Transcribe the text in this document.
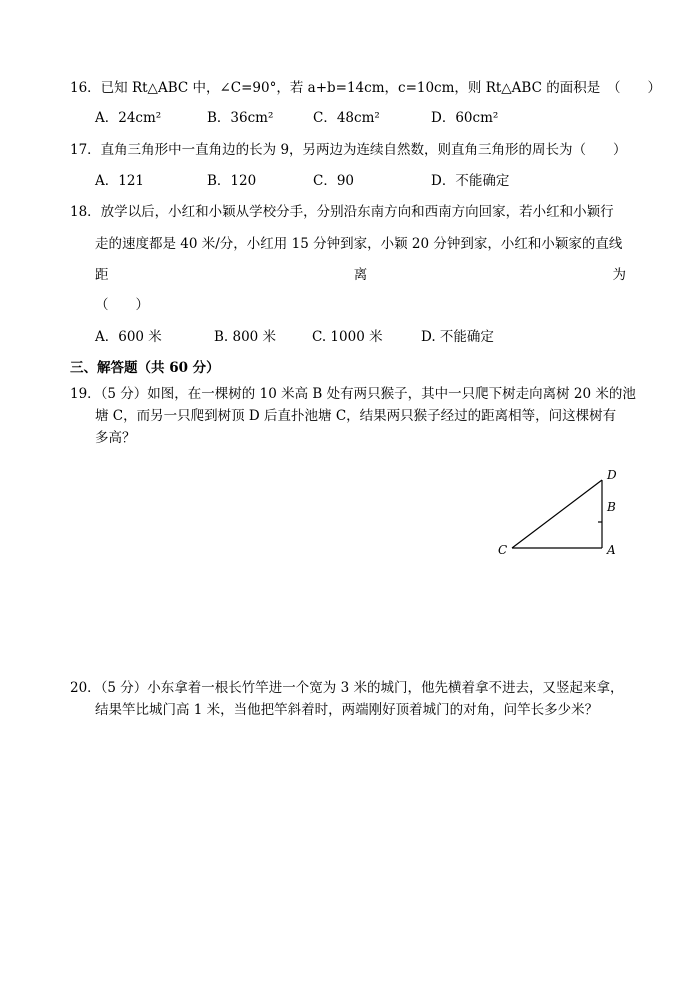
16．已知 Rt△ABC 中，∠C=90°，若 a+b=14cm，c=10cm，则 Rt△ABC 的面积是　（　　）
A．24cm²	B．36cm²	C．48cm²	D．60cm²
17．直角三角形中一直角边的长为 9，另两边为连续自然数，则直角三角形的周长为（　　）
A．121	B．120	C．90	D．不能确定
18．放学以后，小红和小颖从学校分手，分别沿东南方向和西南方向回家，若小红和小颖行
走的速度都是 40 米/分，小红用 15 分钟到家，小颖 20 分钟到家，小红和小颖家的直线
距	离	为
（　　）
A．600 米	B. 800 米	C. 1000 米	D. 不能确定
三、解答题（共 60 分）
19．（5 分）如图，在一棵树的 10 米高 B 处有两只猴子，其中一只爬下树走向离树 20 米的池
塘 C，而另一只爬到树顶 D 后直扑池塘 C，结果两只猴子经过的距离相等，问这棵树有
多高？
D
B
C	A
20．（5 分）小东拿着一根长竹竿进一个宽为 3 米的城门，他先横着拿不进去，又竖起来拿，
结果竿比城门高 1 米，当他把竿斜着时，两端刚好顶着城门的对角，问竿长多少米？
